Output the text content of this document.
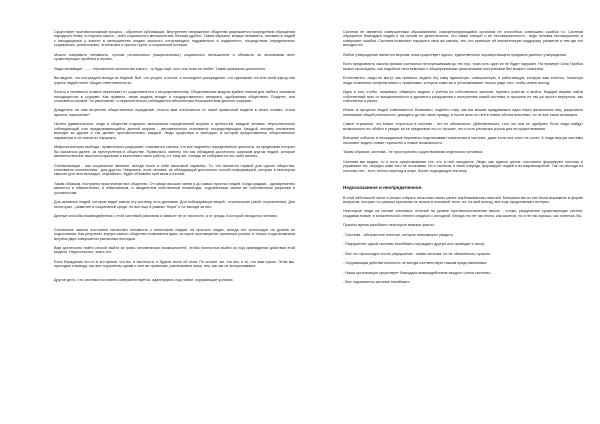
Существует противоположный процесс - обратное субламация. Внутреннее напряжение общества разряжается посредством обращения народного гнева, в стороны какого - либо социального меньшинства. Весьма удобно. Таким образом, всякую ненависть, ненависть людей к находящимся у власти в меньшинстве людям сильного отторгающего надуманного и надменного, посредством определенных социальных, религиозных, этнических и прочих групп, к социальной истерии.

Можно направить ненависть, против религиозных (национальных) социальных меньшинств и объявить их виновными всех существующих проблем в стране.

Люди ненавидят ...... - переменное количество какого - то будь ещё, кого они тоже не любят. Таким примером достаточно.

Вы видите, что пострадать всегда за бедный. Всё, что угодно, а после, и последнее рассуждение, что одинаково тот или иной народ или группа людей несёт общую ответственность.

Злость и ненависть плавно перетекает от существенного к несущественному. Общественная модель крайне опасна для любого человека находящегося в социуме. Как правило, такая модель входит и государственного аппарата, одобряемая обществом. Позднее, она становится нормой "по умолчанию" и неукоснительно соблюдается абсолютным большинством данного социума.

Дождитесь ли нам встретить общественное осуждение, стоило вам отклониться от такой привычной модели в своих словах, стали щекоты, мышления?

Ничего удивительного, людь в обществе старшего заложников определенной морали и ценностей, каждый человек, неукоснительно соблюдающий или придерживающийся данной морали - автоматически становится посредствующим. Каждый человек неизменно выходит за другие и так делает противоположно каждый. Люди существуя и свободно, в которой предоставлены общественные параметры и не смели их нарушать.

Мифологическая свобода - правительно разрушает, становится ссылка, что все подлинно определённые ценности, за пределами которых бы оказаться далее, за преступления в обществе. Правильно, именно это мы обладаем достаточно широким кругом людей, которые являются вполне законопослушными и выполняют свою работу, и к тому же, отнюдь не собираются что-либо менять.

Стигматизация - как социальное явление, всегда носит в себе массовый характер. То, что является нормой для одного общества, становится отклонением - для другого. Например, если человек, не обладающий достаточно точной информацией, которые в некотором смысле для него выглядят, откровенно, будет объявлен еретиком и изгоем.

Таким образом, построено практически все общество. От самых высших чинов и до самых простых людей. Когда каждый - одновременно является и обвинителем, и обвиняемым, и свидетелем собственной несвободы, подчиненным своим же собственным запретам и условностям.

Для активных людей, которые видят сквозь эту систему, есть дилемма: Для побеждающих вещей - ограничение (зачёт ограничения). Для некоторых - развитие в социальной среде, но все еще в рамках "норм" и не выходя за них.

Данные способы взаимодействия с этой системой различны и зависят не от личности, а от среды, в которой находится человек.

Системные законы постоянно нагнетают ненависть к непохожим людям, на простых людях, иногда это происходит на уровне их подсознания. Как результат, внутри самого общества появляются идеи, которые противоречат принятым устоям, и только тогда возможна встреча двух совершенно различных взглядов.

Вам достаточно найти способ выйти за грань человеческих возможностей, чтобы полностью выйти из под краевидения действия этой модели. Недостаточно, знать это.

Если блуждание кто-то в это время, что вы, в частности, и будете знать об этом. По истине, же, это мы, и то, что вам нужно. Этим мы, приходим к выводу: мы все подчинены одним и тем же правилам, различаемся лишь тем, как мы их воспринимаем.

Другое дело, что система постоянно совершенствуется, адаптируясь под новые, окружающие условия.

Система не является совершенным образованием, саморегулирующийся организм не способных совершать ошибок т.к. Система образуется благодаря людям и на основе их деятельности, что также говорит о ее несовершенности - ведь человек несовершенен и совершает ошибки. Система позволяет нарушать свои же законы, тех, кто приносит ей значительную поддержку, развитие и тем где это выгодно ей.

Любое утверждение является верным, пока существует одного, единственного опровергающего предмета данного утверждения.

Если предъявлять законы физики считаются непогрешимыми до тех пор, пока хоть один их не будет нарушен. На примере Зона Прибоя можно проследить, как подобное неотъемлемо с общепринятыми физическими постулатами без всякого опасения.

Естественно, люди не могут, как правило, видеть эту саму идеальную, совершенную, и работающую, которую вам хочется. Зачастую люди позволяют конфликтовать с правилами, которые сами же и устанавливают только ради того, чтобы иметь выход.

Идея в том, чтобы, например, обмануть модель с учетом ее собственных законов, принять участие и выйти. Каждый вправе найти собственный путь от эмоционального и духовного разрушения к построению новой системы; в прошлое не так уж просто вернуться, как собственно и ранее.

Иначе, в процессе людей сомневаются. Возможно, подобно тому, как мы можем придумывать идеи через физических лиц, разрешено понимание общей реальности, доводить до них свою правду, а после жить по ней в новых обстоятельствах, но не все такое возможно.

Самое страшное, что может случиться в системе - это ее обновление. Действительно, того что она не одобряет. Если люди найдут возможность ее обойти и увидят за ее пределами что-то лучшее, это и есть реальная угроза для ее существования.

Внешние события и неожиданные перемены подталкивают изменения в системе, даже если она этого не хочет. А люди внутри системы начинают видеть новые горизонты и новые возможности.

Таким образом, система - не пространство существования отдельного человека.

Система мы видим, то и есть существование тех, кто в ней находится. Люди, как единое целое, постоянно формируют систему и управляют ею, нередко сами того не осознавая. Но и система, в свою очередь, формирует людей и их мировоззрение. Так что выхода из системы нет - есть только переход в иную, более подходящую систему.

Недосказанное и неопределенное.

В этой небольшой части я решил собрать несколько своих ранее опубликованных мыслей. Большинство из них были выражены в форме вопросов, которые по разным причинам не вошли в основной текст, но, на мой взгляд, все еще представляют интерес.

Некоторые люди на основе ключевых отличий на уровне противопоставления мысль - слова, разрушение существующих систем, создавая новые, в значительной степени сходные с исходной. Иногда это не так плохо, как кажется, но и не так хорошо, как хотелось бы.

Пришло время разобрать некоторые важные факты:

- Система - абстрактное понятие, которое невозможно увидеть;

- Разрушение одной системы неизбежно порождает другую или приводит к хаосу;

- Все что происходит после разрушения - новая система, но не обязательно лучшая;

- Окружающая действительность не всегда соответствует нашим представлениям;

- Наша организация существует благодаря взаимодействию каждого члена системы;

- Все подчиняется системе неизбежно.
